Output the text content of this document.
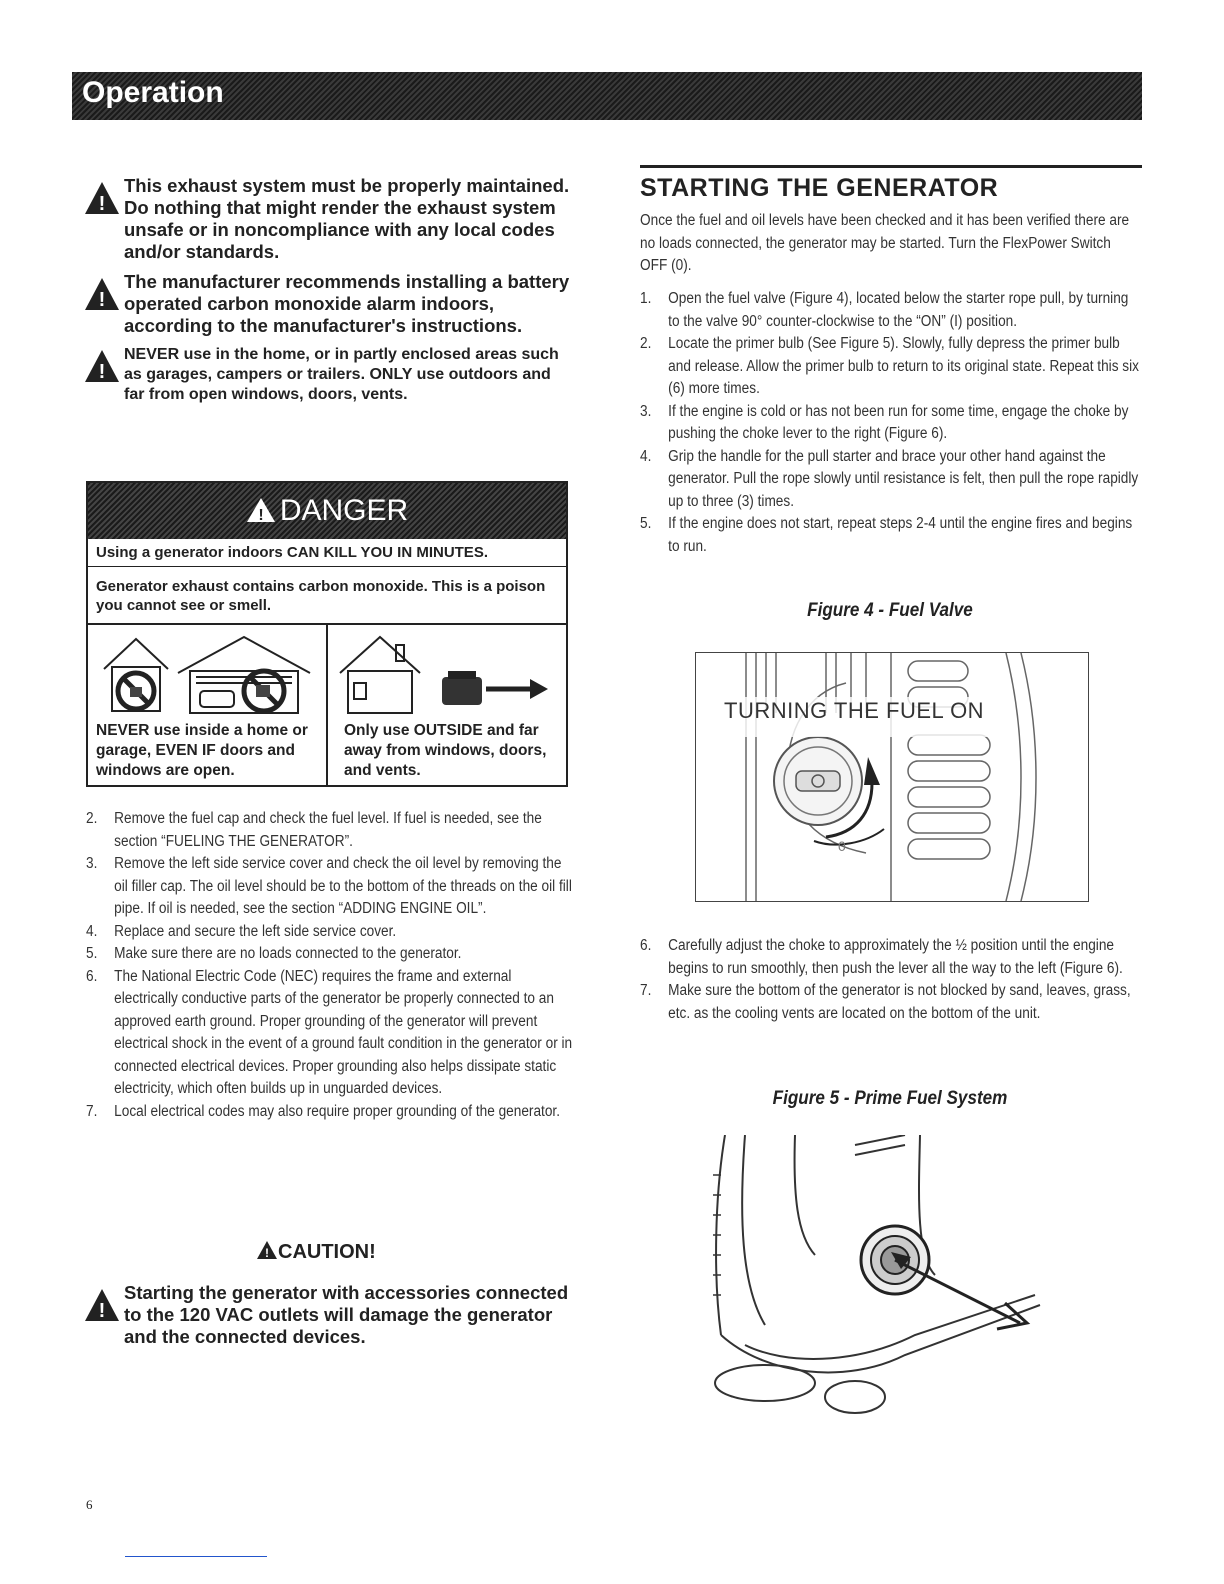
Operation
!
This exhaust system must be properly maintained. Do nothing that might render the exhaust system unsafe or in noncompliance with any local codes and/or standards.
!
The manufacturer recommends installing a battery operated carbon monoxide alarm indoors, according to the manufacturer's instructions.
!
NEVER use in the home, or in partly enclosed areas such as garages, campers or trailers. ONLY use outdoors and far from open windows, doors, vents.
! DANGER
Using a generator indoors CAN KILL YOU IN MINUTES.
Generator exhaust contains carbon monoxide. This is a poison you cannot see or smell.
NEVER use inside a home or garage, EVEN IF doors and windows are open.
Only use OUTSIDE and far away from windows, doors, and vents.
2. Remove the fuel cap and check the fuel level. If fuel is needed, see the section “FUELING THE GENERATOR”.
3. Remove the left side service cover and check the oil level by removing the oil filler cap. The oil level should be to the bottom of the threads on the oil fill pipe. If oil is needed, see the section “ADDING ENGINE OIL”.
4. Replace and secure the left side service cover.
5. Make sure there are no loads connected to the generator.
6. The National Electric Code (NEC) requires the frame and external electrically conductive parts of the generator be properly connected to an approved earth ground. Proper grounding of the generator will prevent electrical shock in the event of a ground fault condition in the generator or in connected electrical devices. Proper grounding also helps dissipate static electricity, which often builds up in unguarded devices.
7. Local electrical codes may also require proper grounding of the generator.
! CAUTION!
!
Starting the generator with accessories connected to the 120 VAC outlets will damage the generator and the connected devices.
STARTING THE GENERATOR
Once the fuel and oil levels have been checked and it has been verified there are no loads connected, the generator may be started. Turn the FlexPower Switch OFF (0).
1. Open the fuel valve (Figure 4), located below the starter rope pull, by turning to the valve 90° counter-clockwise to the “ON” (I) position.
2. Locate the primer bulb (See Figure 5). Slowly, fully depress the primer bulb and release. Allow the primer bulb to return to its original state. Repeat this six (6) more times.
3. If the engine is cold or has not been run for some time, engage the choke by pushing the choke lever to the right (Figure 6).
4. Grip the handle for the pull starter and brace your other hand against the generator. Pull the rope slowly until resistance is felt, then pull the rope rapidly up to three (3) times.
5. If the engine does not start, repeat steps 2-4 until the engine fires and begins to run.
Figure 4 - Fuel Valve
0
TURNING THE FUEL ON
6. Carefully adjust the choke to approximately the ½ position until the engine begins to run smoothly, then push the lever all the way to the left (Figure 6).
7. Make sure the bottom of the generator is not blocked by sand, leaves, grass, etc. as the cooling vents are located on the bottom of the unit.
Figure 5 - Prime Fuel System
6
